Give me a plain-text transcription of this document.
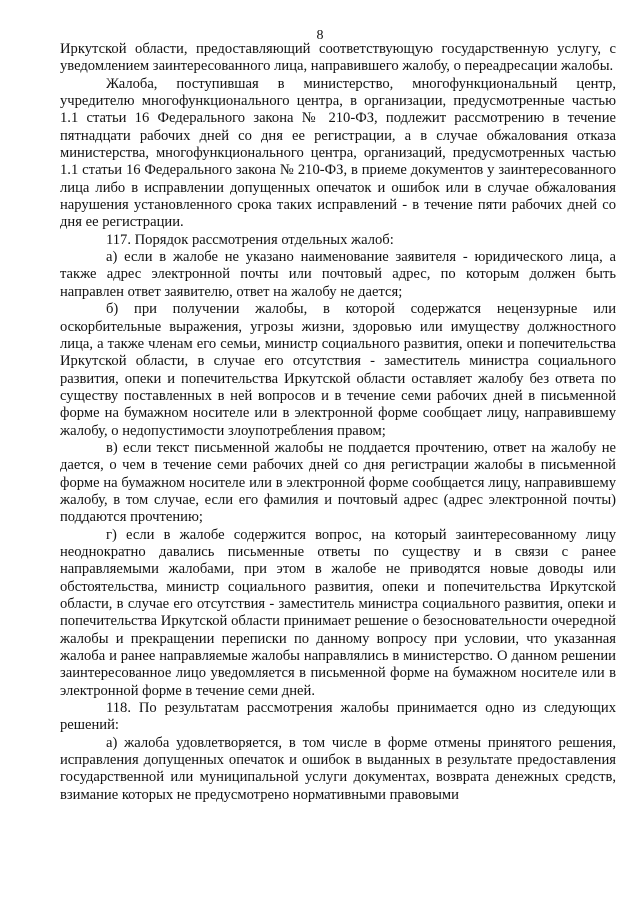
8

Иркутской области, предоставляющий соответствующую государственную услугу, с уведомлением заинтересованного лица, направившего жалобу, о переадресации жалобы.

Жалоба, поступившая в министерство, многофункциональный центр, учредителю многофункционального центра, в организации, предусмотренные частью 1.1 статьи 16 Федерального закона № 210-ФЗ, подлежит рассмотрению в течение пятнадцати рабочих дней со дня ее регистрации, а в случае обжалования отказа министерства, многофункционального центра, организаций, предусмотренных частью 1.1 статьи 16 Федерального закона № 210-ФЗ, в приеме документов у заинтересованного лица либо в исправлении допущенных опечаток и ошибок или в случае обжалования нарушения установленного срока таких исправлений - в течение пяти рабочих дней со дня ее регистрации.

117. Порядок рассмотрения отдельных жалоб:

а) если в жалобе не указано наименование заявителя - юридического лица, а также адрес электронной почты или почтовый адрес, по которым должен быть направлен ответ заявителю, ответ на жалобу не дается;

б) при получении жалобы, в которой содержатся нецензурные или оскорбительные выражения, угрозы жизни, здоровью или имуществу должностного лица, а также членам его семьи, министр социального развития, опеки и попечительства Иркутской области, в случае его отсутствия - заместитель министра социального развития, опеки и попечительства Иркутской области оставляет жалобу без ответа по существу поставленных в ней вопросов и в течение семи рабочих дней в письменной форме на бумажном носителе или в электронной форме сообщает лицу, направившему жалобу, о недопустимости злоупотребления правом;

в) если текст письменной жалобы не поддается прочтению, ответ на жалобу не дается, о чем в течение семи рабочих дней со дня регистрации жалобы в письменной форме на бумажном носителе или в электронной форме сообщается лицу, направившему жалобу, в том случае, если его фамилия и почтовый адрес (адрес электронной почты) поддаются прочтению;

г) если в жалобе содержится вопрос, на который заинтересованному лицу неоднократно давались письменные ответы по существу и в связи с ранее направляемыми жалобами, при этом в жалобе не приводятся новые доводы или обстоятельства, министр социального развития, опеки и попечительства Иркутской области, в случае его отсутствия - заместитель министра социального развития, опеки и попечительства Иркутской области принимает решение о безосновательности очередной жалобы и прекращении переписки по данному вопросу при условии, что указанная жалоба и ранее направляемые жалобы направлялись в министерство. О данном решении заинтересованное лицо уведомляется в письменной форме на бумажном носителе или в электронной форме в течение семи дней.

118. По результатам рассмотрения жалобы принимается одно из следующих решений:

а) жалоба удовлетворяется, в том числе в форме отмены принятого решения, исправления допущенных опечаток и ошибок в выданных в результате предоставления государственной или муниципальной услуги документах, возврата денежных средств, взимание которых не предусмотрено нормативными правовыми
